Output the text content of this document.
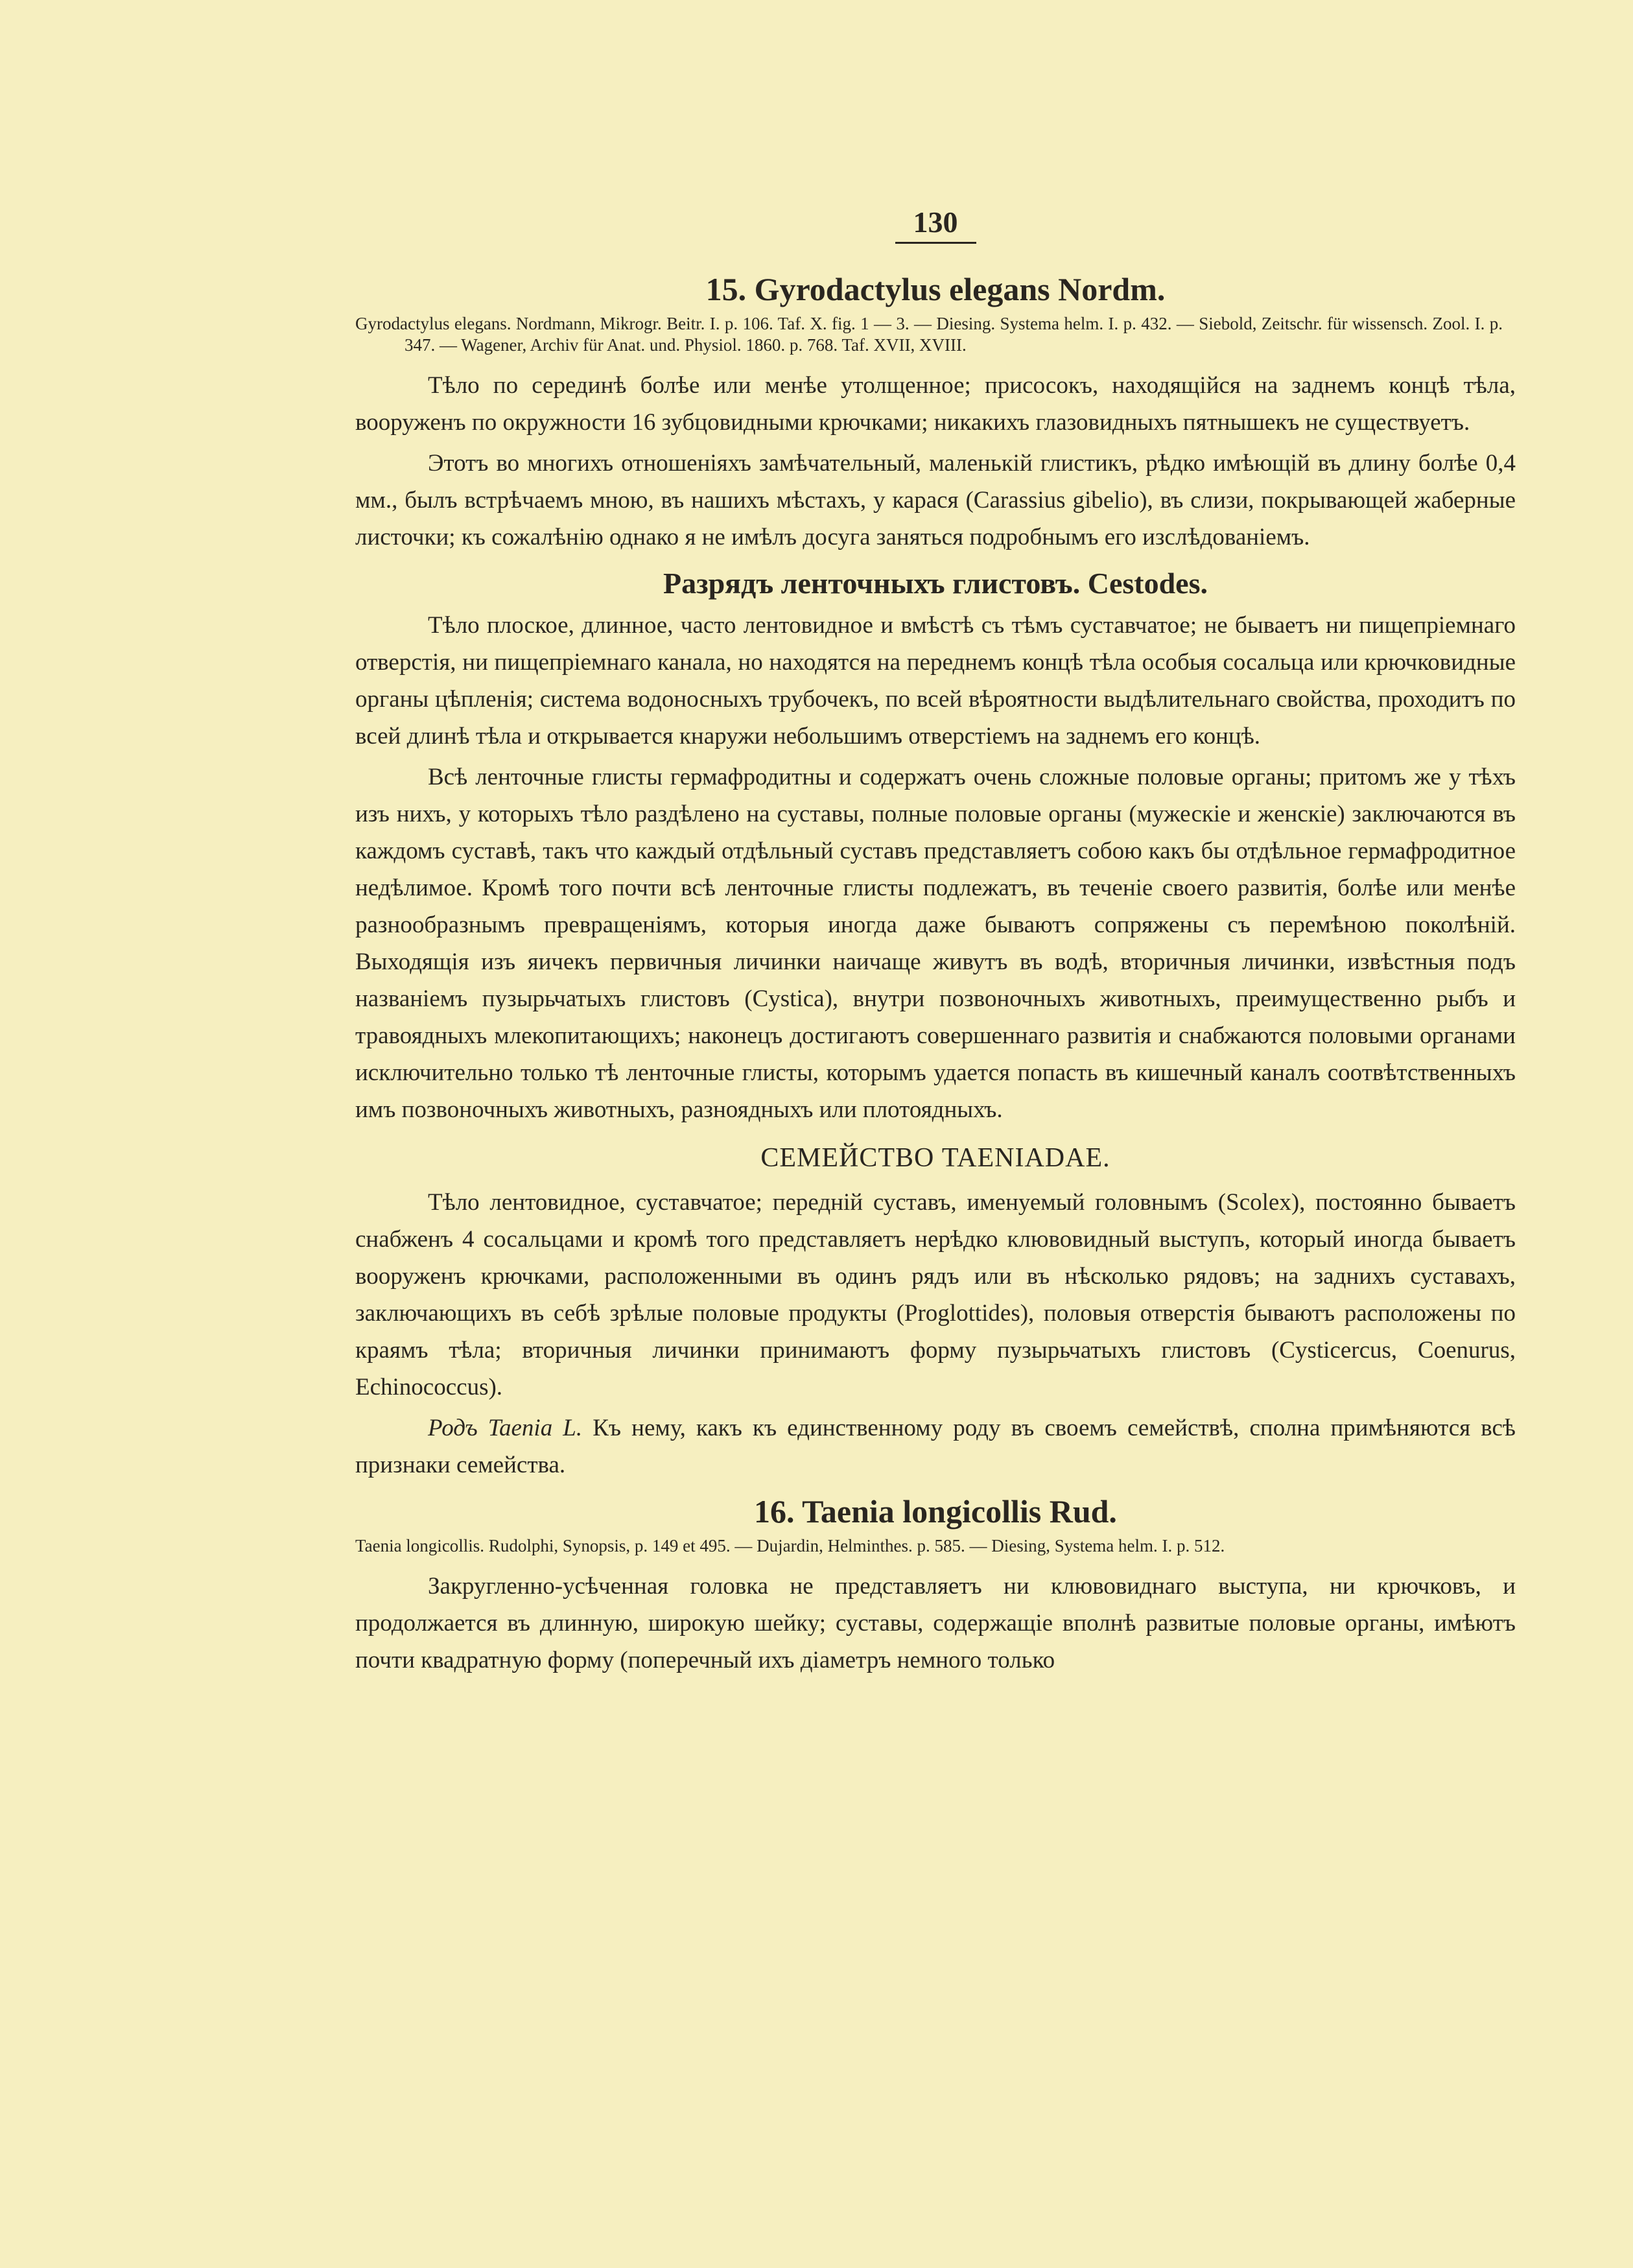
130
15. Gyrodactylus elegans Nordm.
Gyrodactylus elegans. Nordmann, Mikrogr. Beitr. I. p. 106. Taf. X. fig. 1 — 3. — Diesing. Systema helm. I. p. 432. — Siebold, Zeitschr. für wissensch. Zool. I. p. 347. — Wagener, Archiv für Anat. und. Physiol. 1860. p. 768. Taf. XVII, XVIII.

Тѣло по серединѣ болѣе или менѣе утолщенное; присосокъ, находящійся на заднемъ концѣ тѣла, вооруженъ по окружности 16 зубцовидными крючками; никакихъ глазовидныхъ пятнышекъ не существуетъ.

Этотъ во многихъ отношеніяхъ замѣчательный, маленькій глистикъ, рѣдко имѣющій въ длину болѣе 0,4 мм., былъ встрѣчаемъ мною, въ нашихъ мѣстахъ, у карася (Carassius gibelio), въ слизи, покрывающей жаберные листочки; къ сожалѣнію однако я не имѣлъ досуга заняться подробнымъ его изслѣдованіемъ.

Разрядъ ленточныхъ глистовъ. Cestodes.

Тѣло плоское, длинное, часто лентовидное и вмѣстѣ съ тѣмъ суставчатое; не бываетъ ни пищепріемнаго отверстія, ни пищепріемнаго канала, но находятся на переднемъ концѣ тѣла особыя сосальца или крючковидные органы цѣпленія; система водоносныхъ трубочекъ, по всей вѣроятности выдѣлительнаго свойства, проходитъ по всей длинѣ тѣла и открывается кнаружи небольшимъ отверстіемъ на заднемъ его концѣ.

Всѣ ленточные глисты гермафродитны и содержатъ очень сложные половые органы; притомъ же у тѣхъ изъ нихъ, у которыхъ тѣло раздѣлено на суставы, полные половые органы (мужескіе и женскіе) заключаются въ каждомъ суставѣ, такъ что каждый отдѣльный суставъ представляетъ собою какъ бы отдѣльное гермафродитное недѣлимое. Кромѣ того почти всѣ ленточные глисты подлежатъ, въ теченіе своего развитія, болѣе или менѣе разнообразнымъ превращеніямъ, которыя иногда даже бываютъ сопряжены съ перемѣною поколѣній. Выходящія изъ яичекъ первичныя личинки наичаще живутъ въ водѣ, вторичныя личинки, извѣстныя подъ названіемъ пузырьчатыхъ глистовъ (Cystica), внутри позвоночныхъ животныхъ, преимущественно рыбъ и травоядныхъ млекопитающихъ; наконецъ достигаютъ совершеннаго развитія и снабжаются половыми органами исключительно только тѣ ленточные глисты, которымъ удается попасть въ кишечный каналъ соотвѣтственныхъ имъ позвоночныхъ животныхъ, разноядныхъ или плотоядныхъ.

СЕМЕЙСТВО TAENIADAE.

Тѣло лентовидное, суставчатое; передній суставъ, именуемый головнымъ (Scolex), постоянно бываетъ снабженъ 4 сосальцами и кромѣ того представляетъ нерѣдко клювовидный выступъ, который иногда бываетъ вооруженъ крючками, расположенными въ одинъ рядъ или въ нѣсколько рядовъ; на заднихъ суставахъ, заключающихъ въ себѣ зрѣлые половые продукты (Proglottides), половыя отверстія бываютъ расположены по краямъ тѣла; вторичныя личинки принимаютъ форму пузырьчатыхъ глистовъ (Cysticercus, Coenurus, Echinococcus).

Родъ Taenia L. Къ нему, какъ къ единственному роду въ своемъ семействѣ, сполна примѣняются всѣ признаки семейства.

16. Taenia longicollis Rud.
Taenia longicollis. Rudolphi, Synopsis, p. 149 et 495. — Dujardin, Helminthes. p. 585. — Diesing, Systema helm. I. p. 512.

Закругленно-усѣченная головка не представляетъ ни клювовиднаго выступа, ни крючковъ, и продолжается въ длинную, широкую шейку; суставы, содержащіе вполнѣ развитые половые органы, имѣютъ почти квадратную форму (поперечный ихъ діаметръ немного только
